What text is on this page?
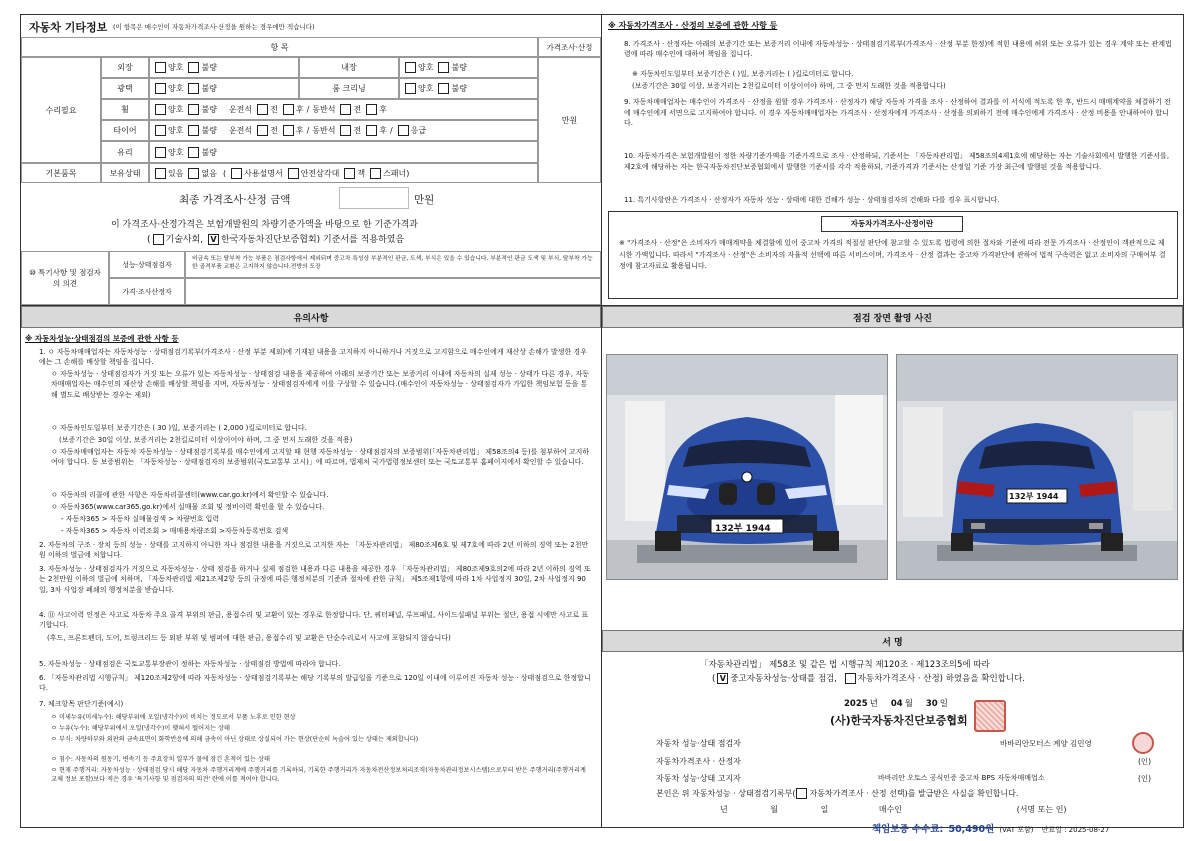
자동차 기타정보 (이 항목은 매수인이 자동차가격조사·산정을 원하는 경우에만 적습니다)
항 목	가격조사·산정
수리필요
외장	양호 불량	내장	양호 불량
광택	양호 불량	룸 크리닝	양호 불량
휠	양호 불량 운전석 전 후 / 동반석 전 후
타이어	양호 불량 운전석 전 후 / 동반석 전 후 / 응급
유리	양호 불량
기본품목	보유상태	있음 없음 ( 사용설명서 안전삼각대 잭 스패너 )
만원
최종 가격조사·산정 금액	만원
이 가격조사·산정가격은 보험개발원의 차량기준가액을 바탕으로 한 기준가격과
( 기술사회, V 한국자동차진단보증협회) 기준서를 적용하였음
⑩ 특기사항 및 점검자의 의견
성능·상태점검자
비금속 또는 탈부착 가능 부품은 점검사항에서 제외되며 중고차 특성상 부분적인 판금, 도색, 부식은 있을 수 있습니다. 부분적인 판금 도색 및 부식, 탈부착 가능한 골격부품 교환은 고지하지 않습니다.전방의 도장
가격·조사산정자
※ 자동차가격조사 · 산정의 보증에 관한 사항 등
8. 가격조사 · 산정자는 아래의 보증기간 또는 보증거리 이내에 자동차성능 · 상태점검기록부(가격조사 · 산정 부분 한정)에 적힌 내용에 허위 또는 오류가 있는 경우 계약 또는 관계법령에 따라 매수인에 대하여 책임을 집니다.
※ 자동차인도일부터 보증기간은 ( )일, 보증거리는 ( )킬로미터로 합니다.
(보증기간은 30일 이상, 보증거리는 2천킬로미터 이상이어야 하며, 그 중 먼저 도래한 것을 적용합니다)
9. 자동차매매업자는 매수인이 가격조사 · 산정을 원할 경우 가격조사 · 산정자가 해당 자동차 가격을 조사 · 산정하여 결과를 이 서식에 적도록 한 후, 반드시 매매계약을 체결하기 전에 매수인에게 서면으로 고지하여야 합니다. 이 경우 자동차매매업자는 가격조사 · 산정자에게 가격조사 · 산정을 의뢰하기 전에 매수인에게 가격조사 · 산정 비용을 안내하여야 합니다.
10. 자동차가격은 보험개발원이 정한 차량기준가액을 기준가격으로 조사 · 산정하되, 기준서는 「자동차관리법」 제58조의4제1호에 해당하는 자는 기술사회에서 발행한 기준서를, 제2호에 해당하는 자는 한국자동차진단보증협회에서 발행한 기준서를 각각 적용하되, 기준가격과 기준서는 산정일 기준 가장 최근에 발행된 것을 적용합니다.
11. 특기사항란은 가격조사 · 산정자가 자동차 성능 · 상태에 대한 건해가 성능 · 상태점검자의 건해와 다를 경우 표시합니다.
자동차가격조사·산정이란
※ "가격조사 · 산정"은 소비자가 매매계약을 체결함에 있어 중고차 가격의 적절성 판단에 참고할 수 있도록 법령에 의한 절차와 기준에 따라 전문 가격조사 · 산정인이 객관적으로 제시한 가액입니다. 따라서 "가격조사 · 산정"은 소비자의 자율적 선택에 따른 서비스이며, 가격조사 · 산정 결과는 중고차 가격판단에 관하여 법적 구속력은 없고 소비자의 구매여부 결정에 참고자료로 활용됩니다.
유의사항
※ 자동차성능·상태점검의 보증에 관한 사항 등
1. ㅇ 자동차매매업자는 자동차성능 · 상태점검기록부(가격조사 · 산정 부분 제외)에 기재된 내용을 고지하지 아니하거나 거짓으로 고지함으로 매수인에게 재산상 손해가 발생한 경우에는 그 손해를 배상할 책임을 집니다.
ㅇ 자동차성능 · 상태점검자가 거짓 또는 오류가 있는 자동차성능 · 상태점검 내용을 제공하여 아래의 보증기간 또는 보증거리 이내에 자동차의 실제 성능 · 상태가 다른 경우, 자동차매매업자는 매수인의 재산상 손해를 배상할 책임을 지며, 자동차성능 · 상태점검자에게 이를 구상할 수 있습니다.(매수인이 자동차성능 · 상태점검자가 가입한 책임보험 등을 통해 별도로 배상받는 경우는 제외)
ㅇ 자동차인도일부터 보증기간은 ( 30 )일, 보증거리는 ( 2,000 )킬로미터로 합니다.
(보증기간은 30일 이상, 보증거리는 2천킬로미터 이상이어야 하며, 그 중 먼저 도래한 것을 적용)
ㅇ 자동차매매업자는 자동차 자동차성능 · 상태점검기록부를 매수인에게 고지할 때 현행 자동차성능 · 상태점검자의 보증범위(「자동차관리법」 제58조의4 등)를 첨부하여 고지하여야 합니다. 동 보증범위는 「자동차성능 · 상태점검자의 보증범위(국토교통부 고시)」에 따르며, 법제처 국가법령정보센터 또는 국토교통부 홈페이지에서 확인할 수 있습니다.
ㅇ 자동차의 리콜에 관한 사항은 자동차리콜센터(www.car.go.kr)에서 확인할 수 있습니다.
ㅇ 자동차365(www.car365.go.kr)에서 실매물 조회 및 정비이력 확인을 할 수 있습니다.
- 자동차365 > 자동차 실매물검색 > 차량번호 입력
- 자동차365 > 자동차 이력조회 > 매매용차량조회 >자동차등록번호 검색
2. 자동차의 구조 · 장치 등의 성능 · 상태를 고지하지 아니한 자나 점검한 내용을 거짓으로 고지한 자는 「자동차관리법」 제80조제6호 및 제7호에 따라 2년 이하의 징역 또는 2천만원 이하의 벌금에 처합니다.
3. 자동차성능 · 상태점검자가 거짓으로 자동차성능 · 상태 점검을 하거나 실제 점검한 내용과 다른 내용을 제공한 경우 「자동차관리법」 제80조제9호의2에 따라 2년 이하의 징역 또는 2천만원 이하의 벌금에 처하며, 「자동차관리법 제21조제2항 등의 규정에 따른 행정처분의 기준과 절차에 관한 규칙」 제5조제1항에 따라 1차 사업정지 30일, 2차 사업정지 90일, 3차 사업장 폐쇄의 행정처분을 받습니다.
4. ⑪ 사고이력 인정은 사고로 자동차 주요 골격 부위의 판금, 용접수리 및 교환이 있는 경우로 한정합니다. 단, 쿼터패널, 루프패널, 사이드실패널 부위는 절단, 용접 시에만 사고로 표기합니다.
(후드, 프론트펜더, 도어, 트렁크리드 등 외판 부위 및 범퍼에 대한 판금, 용접수리 및 교환은 단순수리로서 사고에 포함되지 않습니다)
5. 자동차성능 · 상태점검은 국토교통부장관이 정하는 자동차성능 · 상태점검 방법에 따라야 합니다.
6. 「자동차관리법 시행규칙」 제120조제2항에 따라 자동차성능 · 상태점검기록부는 해당 기록부의 발급일을 기준으로 120일 이내에 이루어진 자동차 성능 · 상태점검으로 한정합니다.
7. 체크항목 판단기준(예시)
ㅇ 미세누유(미세누수): 해당부위에 오일(냉각수)이 비치는 정도로서 부품 노후로 인한 현상
ㅇ 누유(누수): 해당부위에서 오일(냉각수)이 맺혀서 떨어지는 상태
ㅇ 부식: 차량하부와 외판의 금속표면이 화학반응에 의해 금속이 아닌 상태로 상실되어 가는 현상(단순히 녹슬어 있는 상태는 제외합니다)
ㅇ 침수: 자동차의 원동기, 변속기 등 주요장치 일부가 물에 잠긴 흔적이 있는 상태
ㅇ 현재 주행거리: 자동차성능 · 상태점검 당시 해당 자동차 주행거리계에 주행거리를 기록하되, 기록한 주행거리가 자동차전산정보처리조직(자동차관리정보시스템)으로부터 받은 주행거리(주행거리계 교체 정보 포함)보다 적은 경우 '특기사항 및 점검자의 의견' 란에 이를 적어야 합니다.
점검 장면 촬영 사진
132부 1944
132부 1944
서 명
「자동차관리법」 제58조 및 같은 법 시행규칙 제120조 · 제123조의5에 따라
( V 중고자동차성능·상태를 점검, 자동차가격조사 · 산정) 하였음을 확인합니다.
2025 년 04 월 30 일
(사)한국자동차진단보증협회
자동차 성능·상태 점검자	바바리안모터스 계양 김민영
자동차가격조사 · 산정자	(인)
자동차 성능·상태 고지자	바바리안 오토스 공식인증 중고차 BPS 자동차매매업소	(인)
본인은 위 자동차성능 · 상태점검기록부( 자동차가격조사 · 산정 선택)를 발급받은 사실을 확인합니다.
년	월	일	매수인	(서명 또는 인)
책임보증 수수료: 50,490원 (VAT 포함) 만료일 : 2025-08-27
